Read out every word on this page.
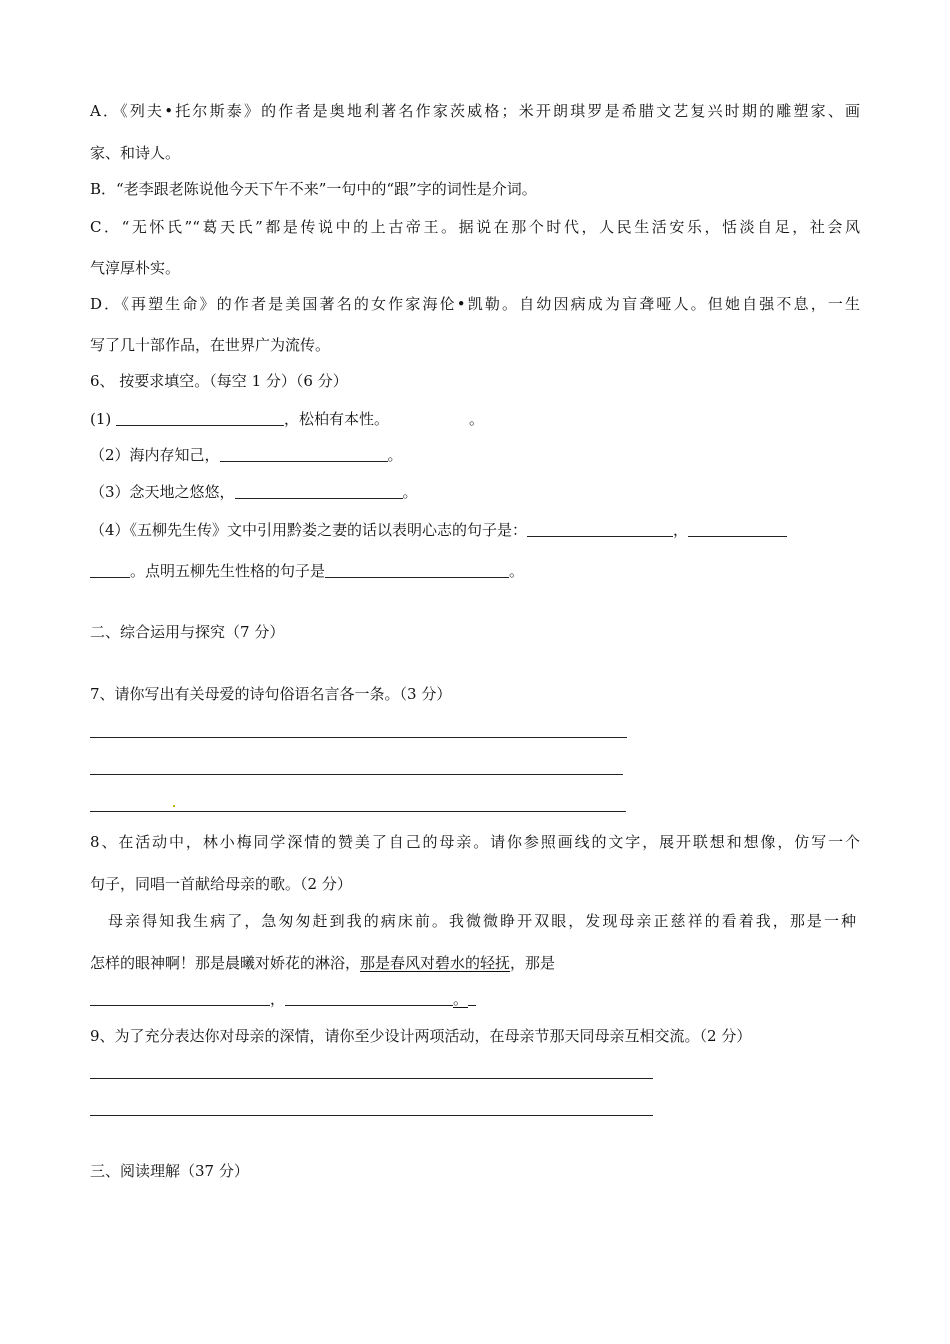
A．《列夫•托尔斯泰》的作者是奥地利著名作家茨威格；米开朗琪罗是希腊文艺复兴时期的雕塑家、画
家、和诗人。
B．“老李跟老陈说他今天下午不来”一句中的“跟”字的词性是介词。
C．“无怀氏”“葛天氏”都是传说中的上古帝王。据说在那个时代，人民生活安乐，恬淡自足，社会风
气淳厚朴实。
D．《再塑生命》的作者是美国著名的女作家海伦•凯勒。自幼因病成为盲聋哑人。但她自强不息，一生
写了几十部作品，在世界广为流传。
6、 按要求填空。（每空 1 分）（6 分）
(1)	，松柏有本性。	。
（2）海内存知己，	。
（3）念天地之悠悠，	。
（4）《五柳先生传》文中引用黔娄之妻的话以表明心志的句子是：	，
。点明五柳先生性格的句子是	。
二、综合运用与探究（7 分）
7、请你写出有关母爱的诗句俗语名言各一条。（3 分）
8、在活动中，林小梅同学深情的赞美了自己的母亲。请你参照画线的文字，展开联想和想像，仿写一个
句子，同唱一首献给母亲的歌。（2 分）
母亲得知我生病了，急匆匆赶到我的病床前。我微微睁开双眼，发现母亲正慈祥的看着我，那是一种
怎样的眼神啊！那是晨曦对娇花的淋浴，那是春风对碧水的轻抚，那是
，	。
9、为了充分表达你对母亲的深情，请你至少设计两项活动，在母亲节那天同母亲互相交流。（2 分）
三、阅读理解（37 分）
